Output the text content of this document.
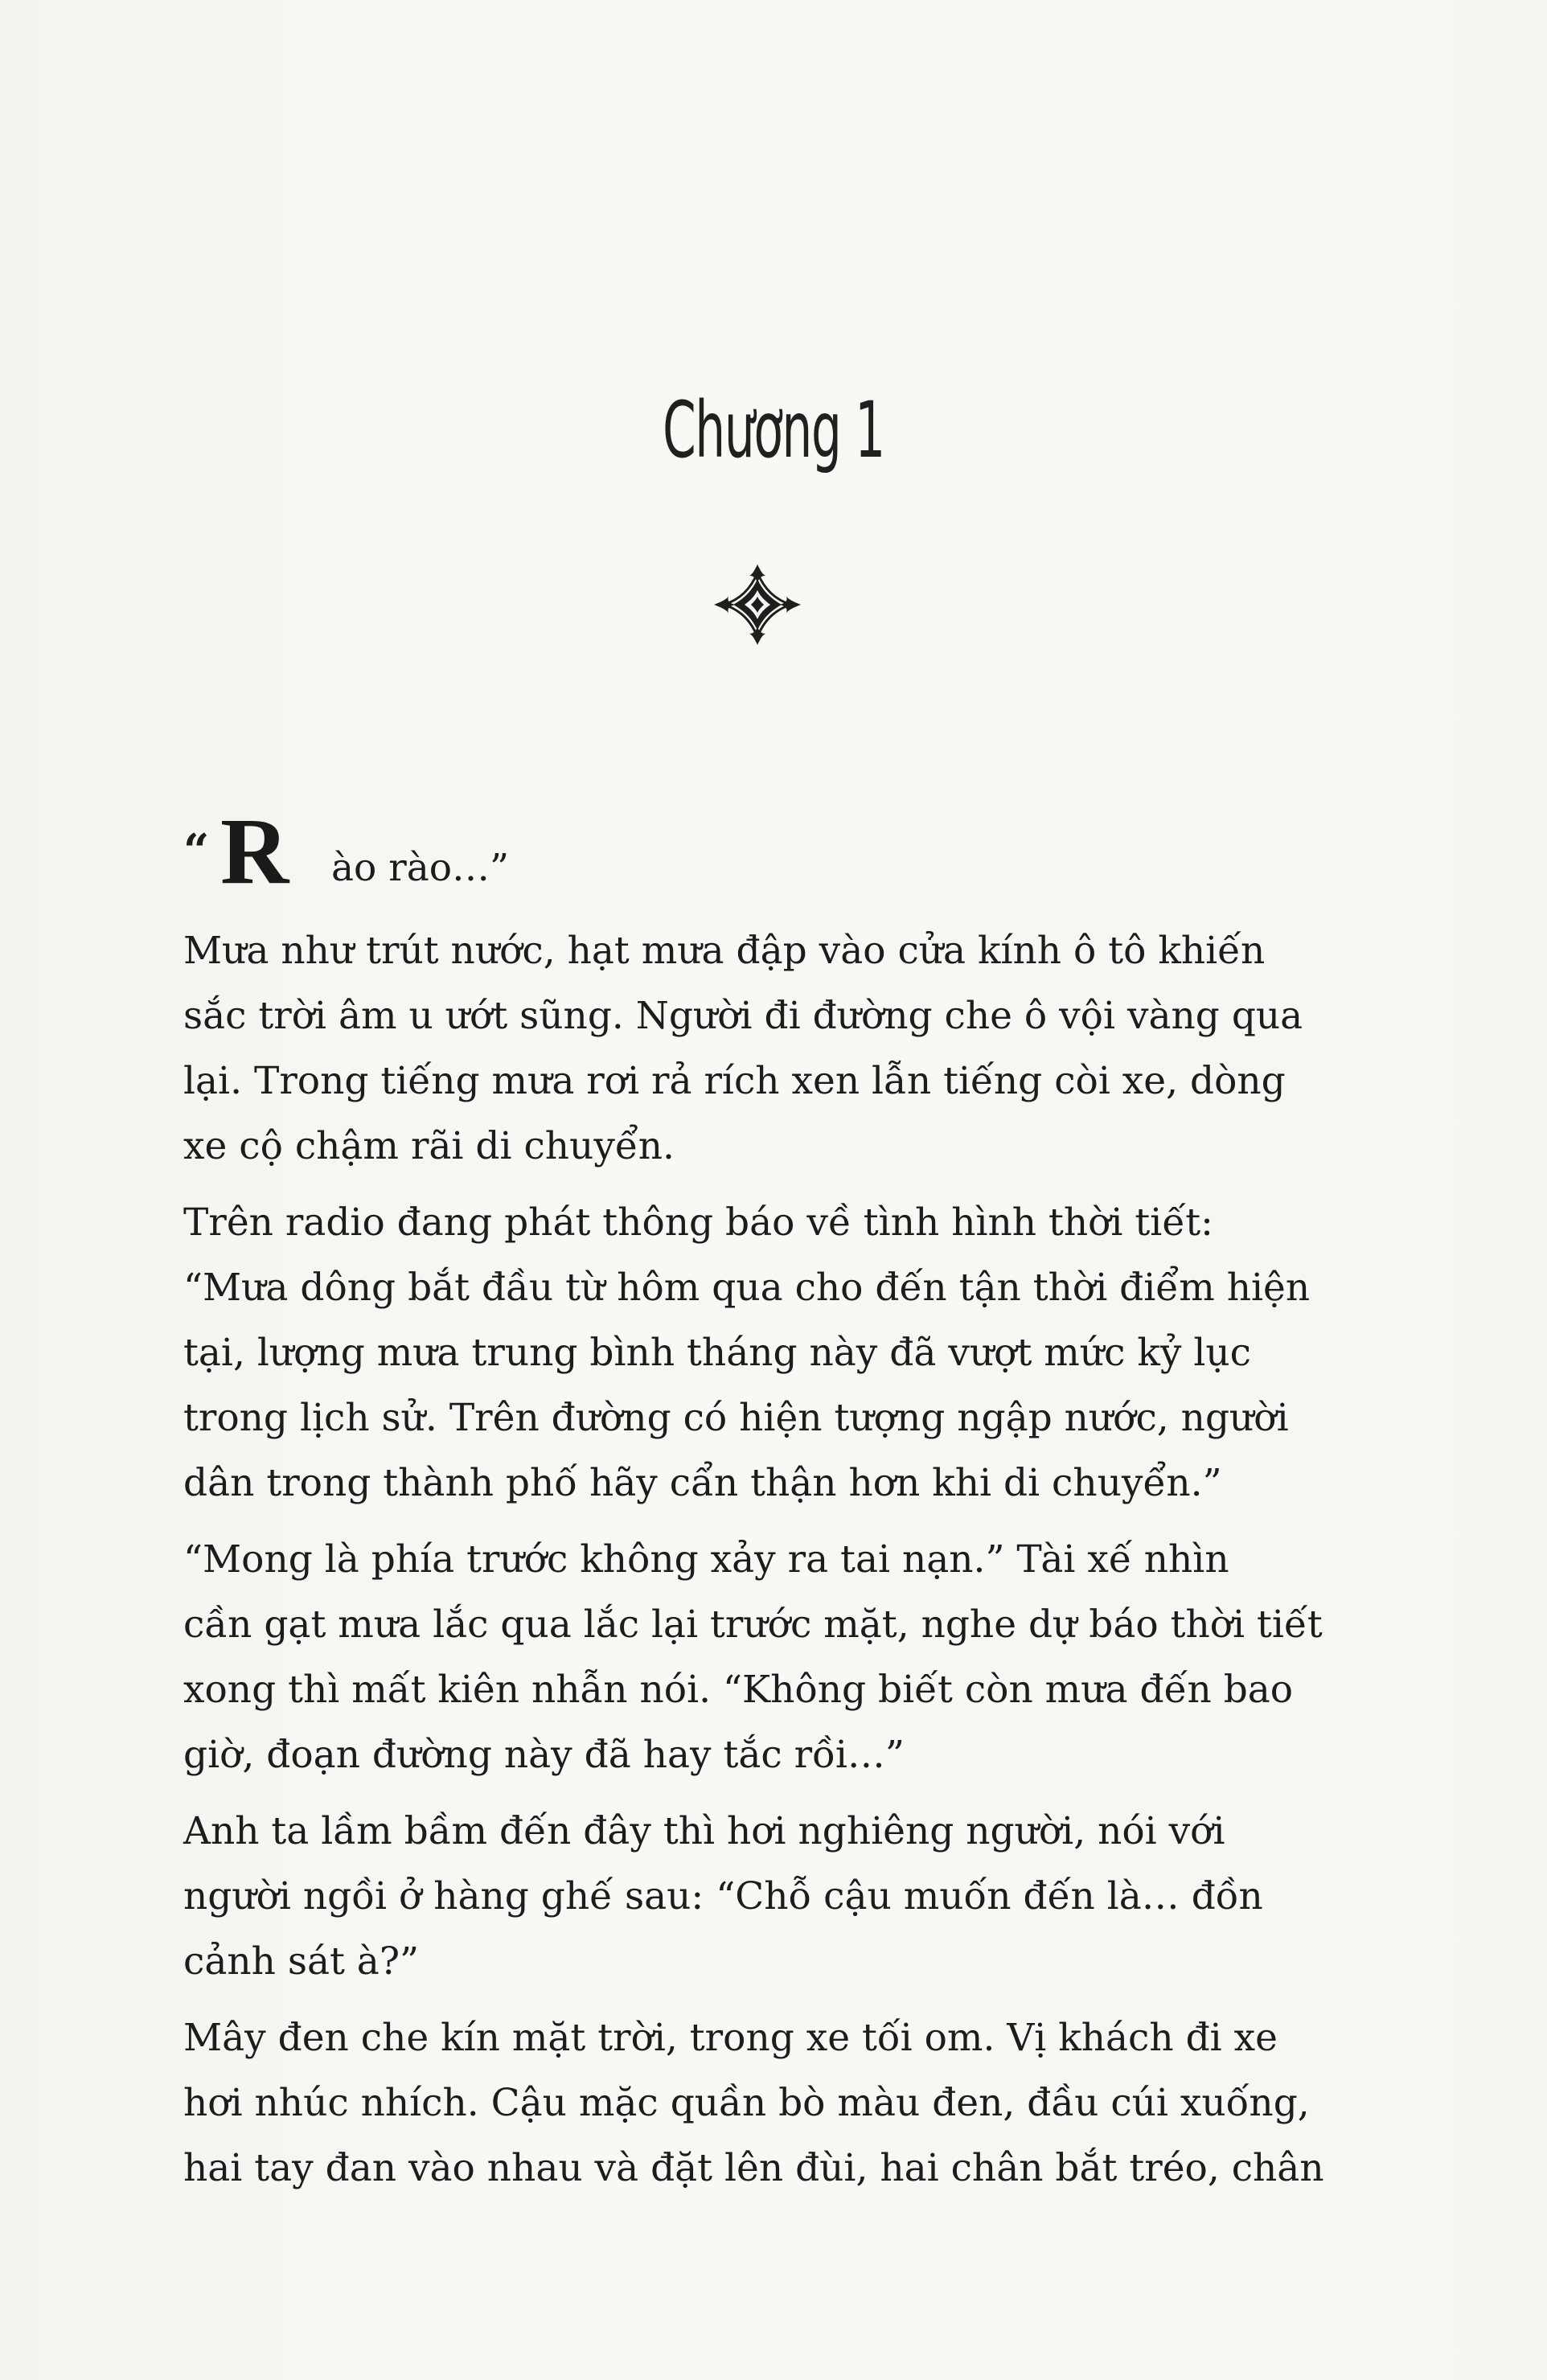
Chương 1
“ R ào rào…”
Mưa như trút nước, hạt mưa đập vào cửa kính ô tô khiến
sắc trời âm u ướt sũng. Người đi đường che ô vội vàng qua
lại. Trong tiếng mưa rơi rả rích xen lẫn tiếng còi xe, dòng
xe cộ chậm rãi di chuyển.
Trên radio đang phát thông báo về tình hình thời tiết:
“Mưa dông bắt đầu từ hôm qua cho đến tận thời điểm hiện
tại, lượng mưa trung bình tháng này đã vượt mức kỷ lục
trong lịch sử. Trên đường có hiện tượng ngập nước, người
dân trong thành phố hãy cẩn thận hơn khi di chuyển.”
“Mong là phía trước không xảy ra tai nạn.” Tài xế nhìn
cần gạt mưa lắc qua lắc lại trước mặt, nghe dự báo thời tiết
xong thì mất kiên nhẫn nói. “Không biết còn mưa đến bao
giờ, đoạn đường này đã hay tắc rồi…”
Anh ta lầm bầm đến đây thì hơi nghiêng người, nói với
người ngồi ở hàng ghế sau: “Chỗ cậu muốn đến là… đồn
cảnh sát à?”
Mây đen che kín mặt trời, trong xe tối om. Vị khách đi xe
hơi nhúc nhích. Cậu mặc quần bò màu đen, đầu cúi xuống,
hai tay đan vào nhau và đặt lên đùi, hai chân bắt tréo, chân
